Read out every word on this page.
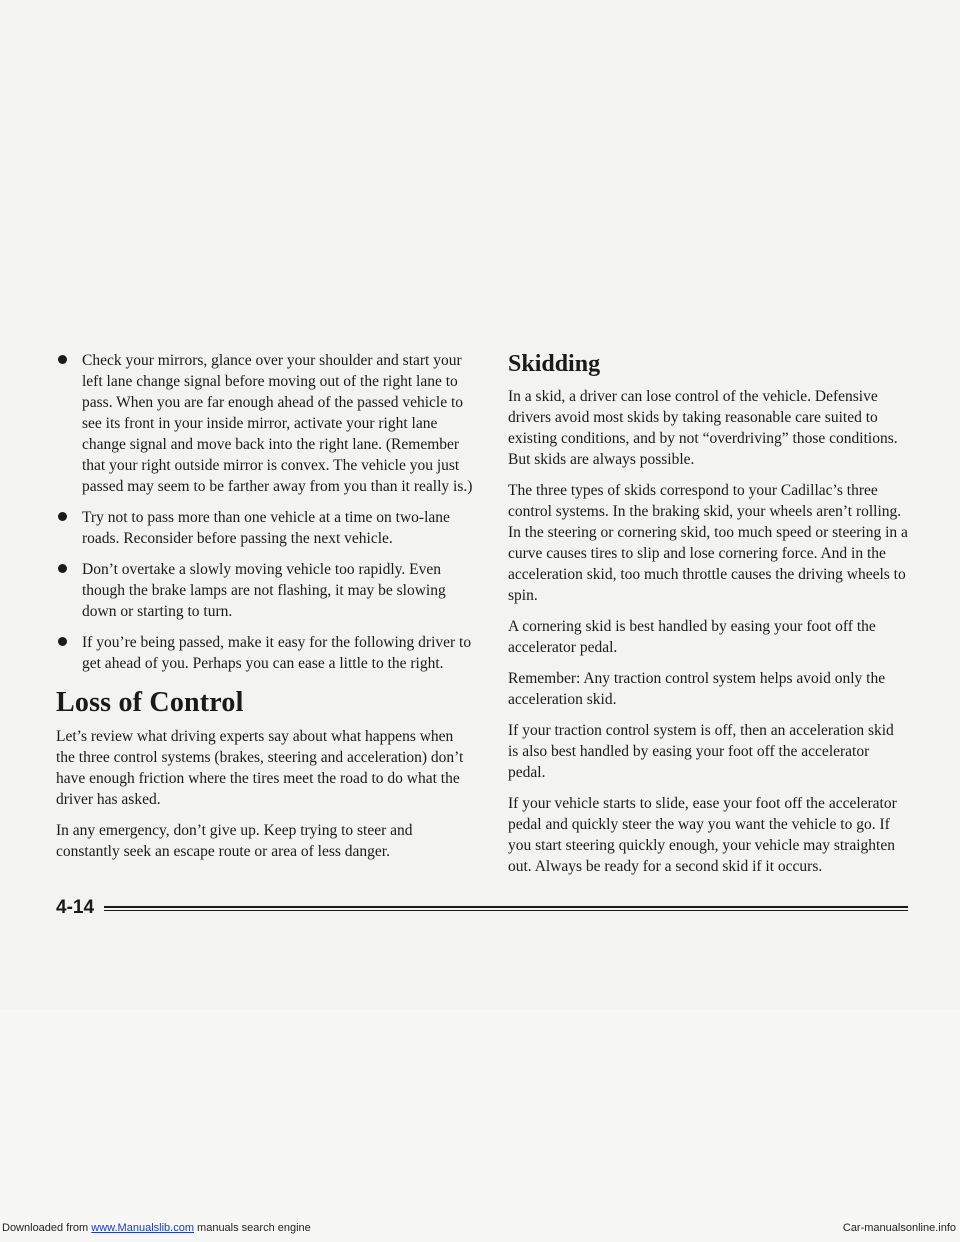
Check your mirrors, glance over your shoulder and start your left lane change signal before moving out of the right lane to pass. When you are far enough ahead of the passed vehicle to see its front in your inside mirror, activate your right lane change signal and move back into the right lane. (Remember that your right outside mirror is convex. The vehicle you just passed may seem to be farther away from you than it really is.)
Try not to pass more than one vehicle at a time on two-lane roads. Reconsider before passing the next vehicle.
Don’t overtake a slowly moving vehicle too rapidly. Even though the brake lamps are not flashing, it may be slowing down or starting to turn.
If you’re being passed, make it easy for the following driver to get ahead of you. Perhaps you can ease a little to the right.
Loss of Control

Let’s review what driving experts say about what happens when the three control systems (brakes, steering and acceleration) don’t have enough friction where the tires meet the road to do what the driver has asked.

In any emergency, don’t give up. Keep trying to steer and constantly seek an escape route or area of less danger.

Skidding

In a skid, a driver can lose control of the vehicle. Defensive drivers avoid most skids by taking reasonable care suited to existing conditions, and by not “overdriving” those conditions. But skids are always possible.

The three types of skids correspond to your Cadillac’s three control systems. In the braking skid, your wheels aren’t rolling. In the steering or cornering skid, too much speed or steering in a curve causes tires to slip and lose cornering force. And in the acceleration skid, too much throttle causes the driving wheels to spin.

A cornering skid is best handled by easing your foot off the accelerator pedal.

Remember: Any traction control system helps avoid only the acceleration skid.

If your traction control system is off, then an acceleration skid is also best handled by easing your foot off the accelerator pedal.

If your vehicle starts to slide, ease your foot off the accelerator pedal and quickly steer the way you want the vehicle to go. If you start steering quickly enough, your vehicle may straighten out. Always be ready for a second skid if it occurs.

4-14
Downloaded from www.Manualslib.com manuals search engine	Car-manualsonline.info
